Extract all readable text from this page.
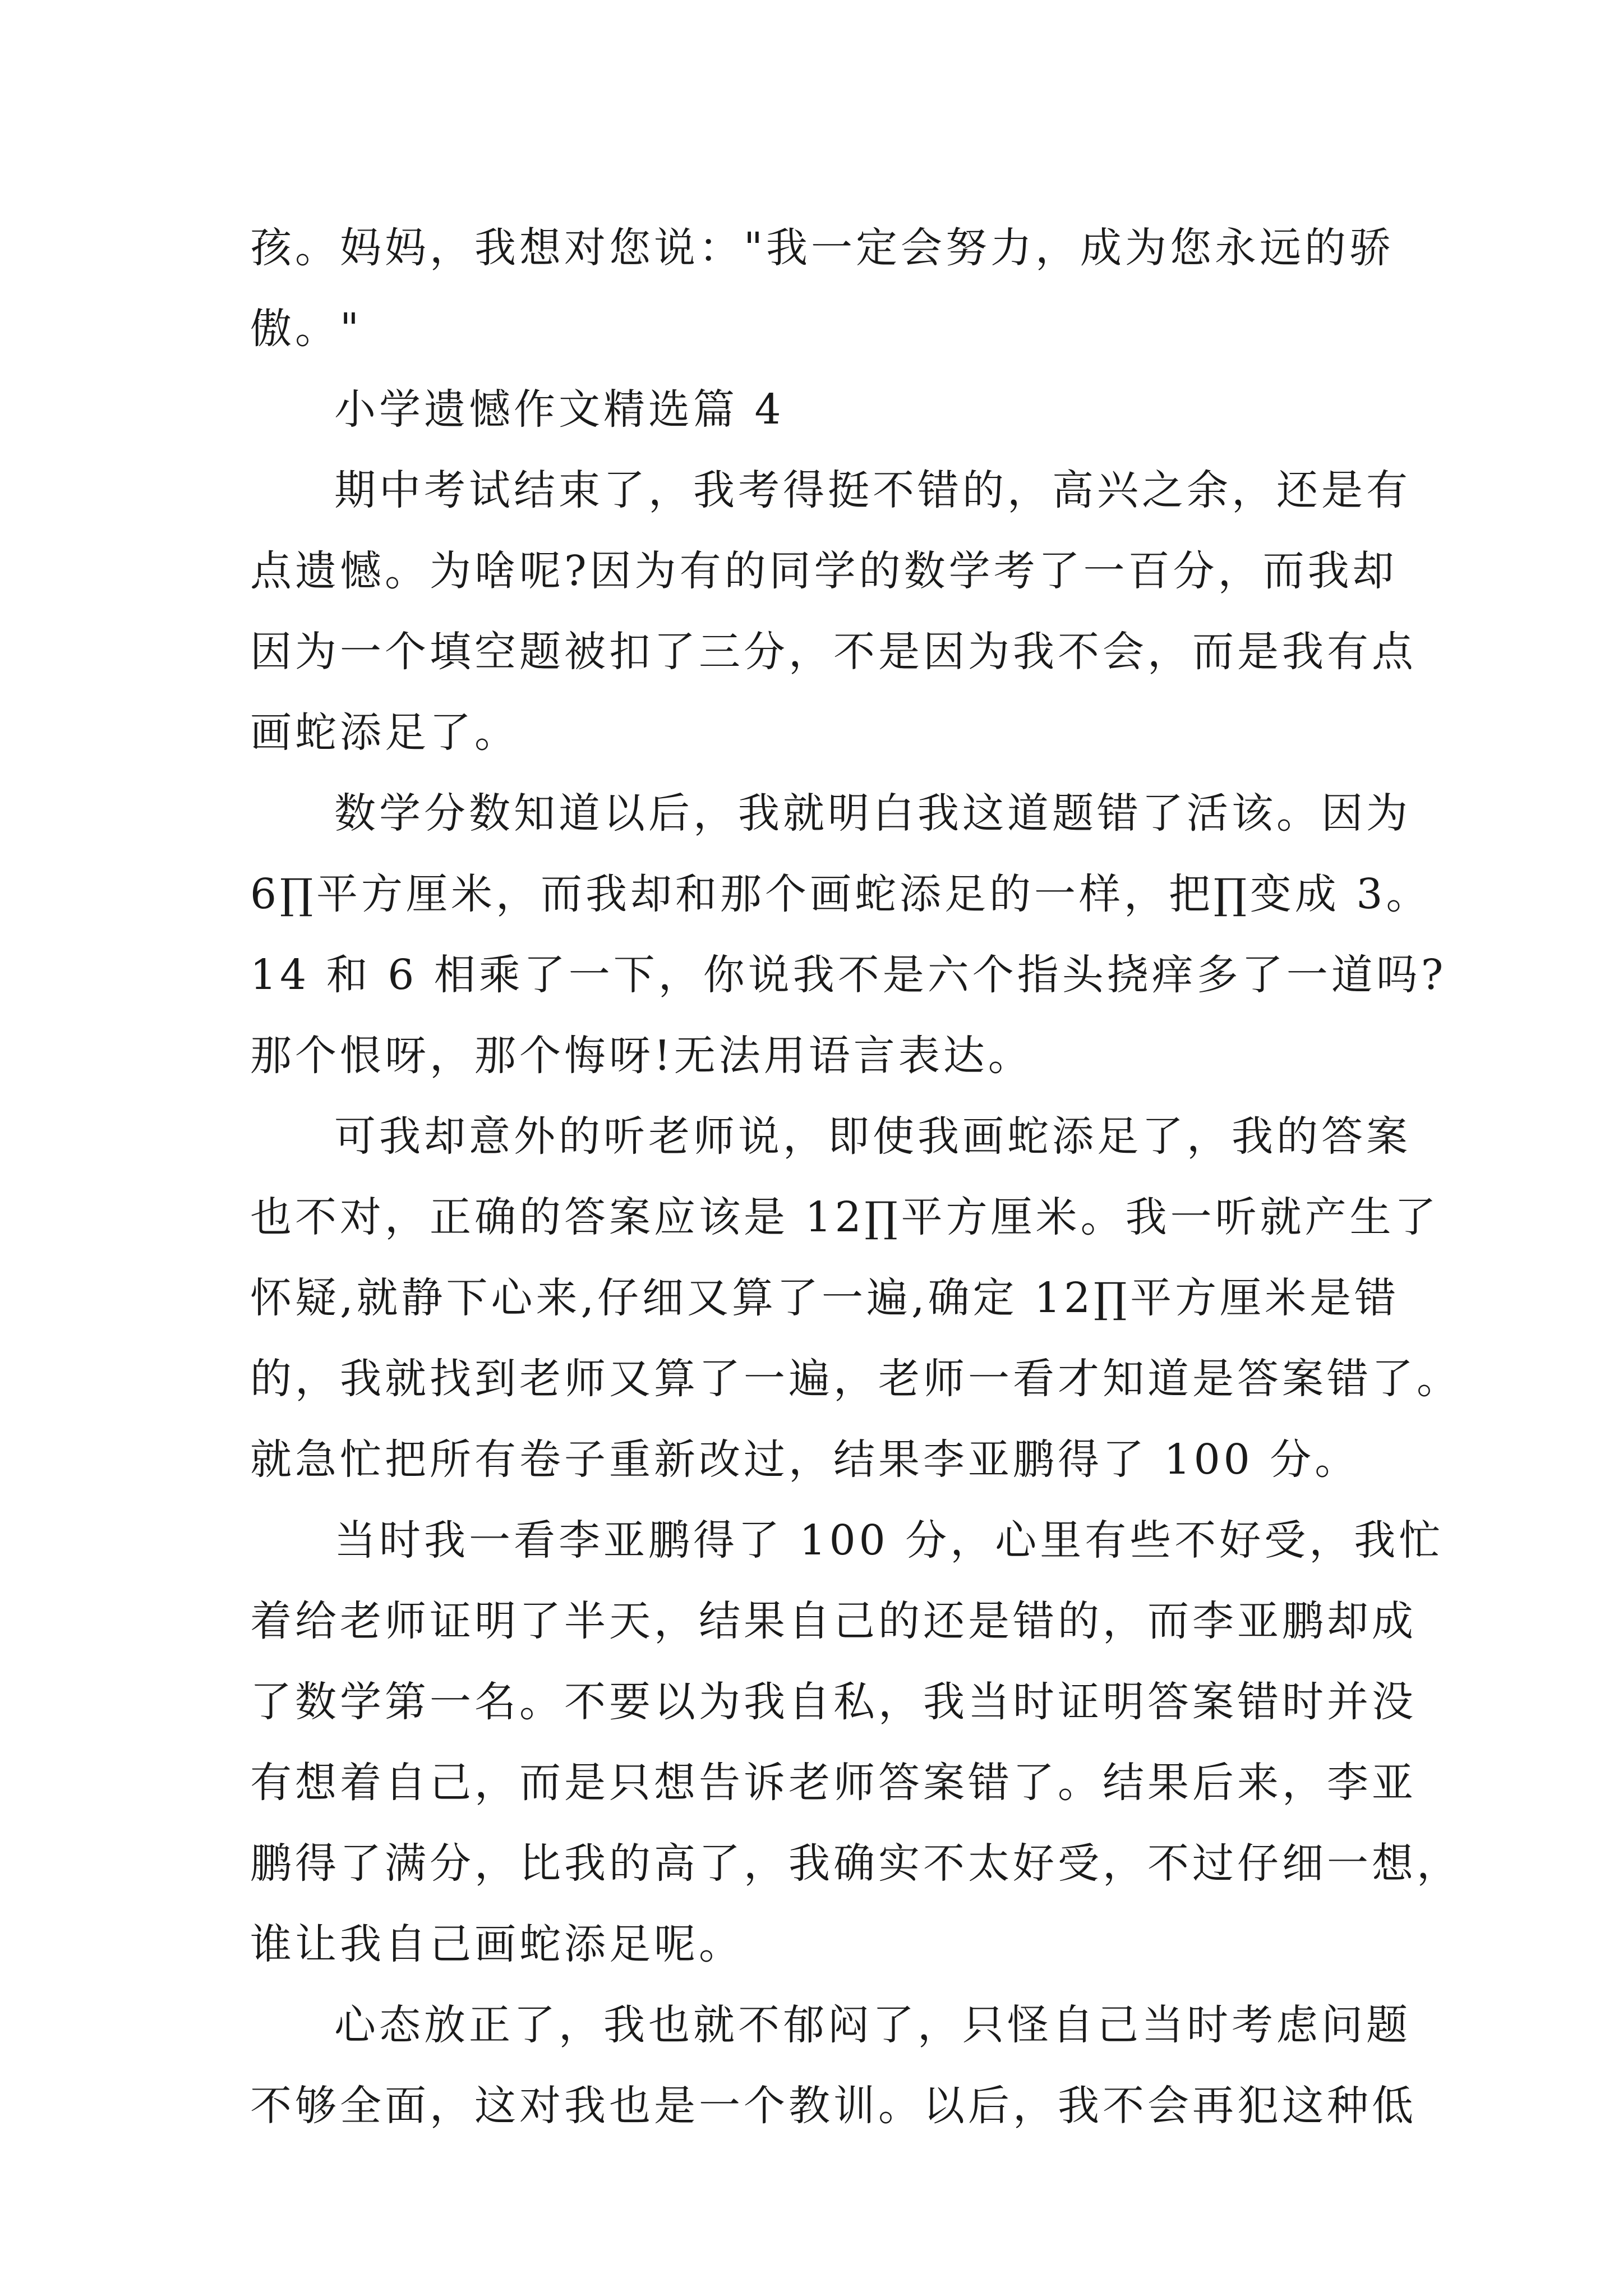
孩。妈妈，我想对您说："我一定会努力，成为您永远的骄
傲。"
小学遗憾作文精选篇 4
期中考试结束了，我考得挺不错的，高兴之余，还是有
点遗憾。为啥呢?因为有的同学的数学考了一百分，而我却
因为一个填空题被扣了三分，不是因为我不会，而是我有点
画蛇添足了。
数学分数知道以后，我就明白我这道题错了活该。因为
6∏平方厘米，而我却和那个画蛇添足的一样，把∏变成 3。
14 和 6 相乘了一下，你说我不是六个指头挠痒多了一道吗?
那个恨呀，那个悔呀!无法用语言表达。
可我却意外的听老师说，即使我画蛇添足了，我的答案
也不对，正确的答案应该是 12∏平方厘米。我一听就产生了
怀疑,就静下心来,仔细又算了一遍,确定 12∏平方厘米是错
的，我就找到老师又算了一遍，老师一看才知道是答案错了。
就急忙把所有卷子重新改过，结果李亚鹏得了 100 分。
当时我一看李亚鹏得了 100 分，心里有些不好受，我忙
着给老师证明了半天，结果自己的还是错的，而李亚鹏却成
了数学第一名。不要以为我自私，我当时证明答案错时并没
有想着自己，而是只想告诉老师答案错了。结果后来，李亚
鹏得了满分，比我的高了，我确实不太好受，不过仔细一想，
谁让我自己画蛇添足呢。
心态放正了，我也就不郁闷了，只怪自己当时考虑问题
不够全面，这对我也是一个教训。以后，我不会再犯这种低
